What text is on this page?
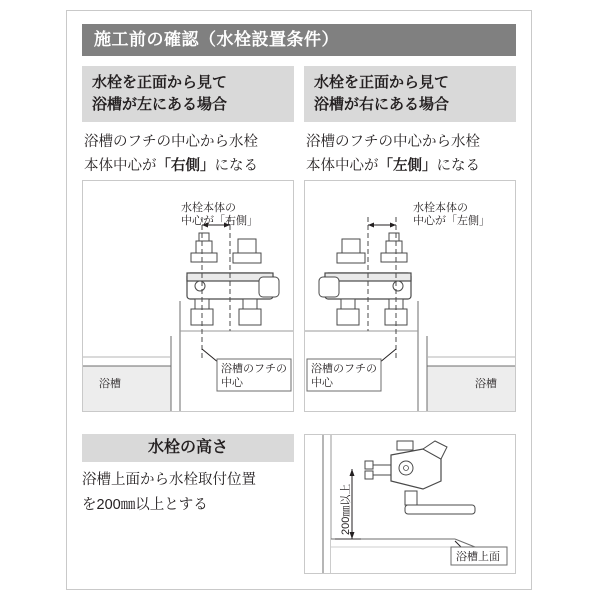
施工前の確認（水栓設置条件）
水栓を正面から見て
浴槽が左にある場合
浴槽のフチの中心から水栓
本体中心が「右側」になる
水栓を正面から見て
浴槽が右にある場合
浴槽のフチの中心から水栓
本体中心が「左側」になる
水栓本体の
中心が「右側」
浴槽のフチの
中心
浴槽
水栓本体の
中心が「左側」
浴槽のフチの
中心	浴槽
水栓の高さ
浴槽上面から水栓取付位置
を200㎜以上とする	200㎜以上
浴槽上面
